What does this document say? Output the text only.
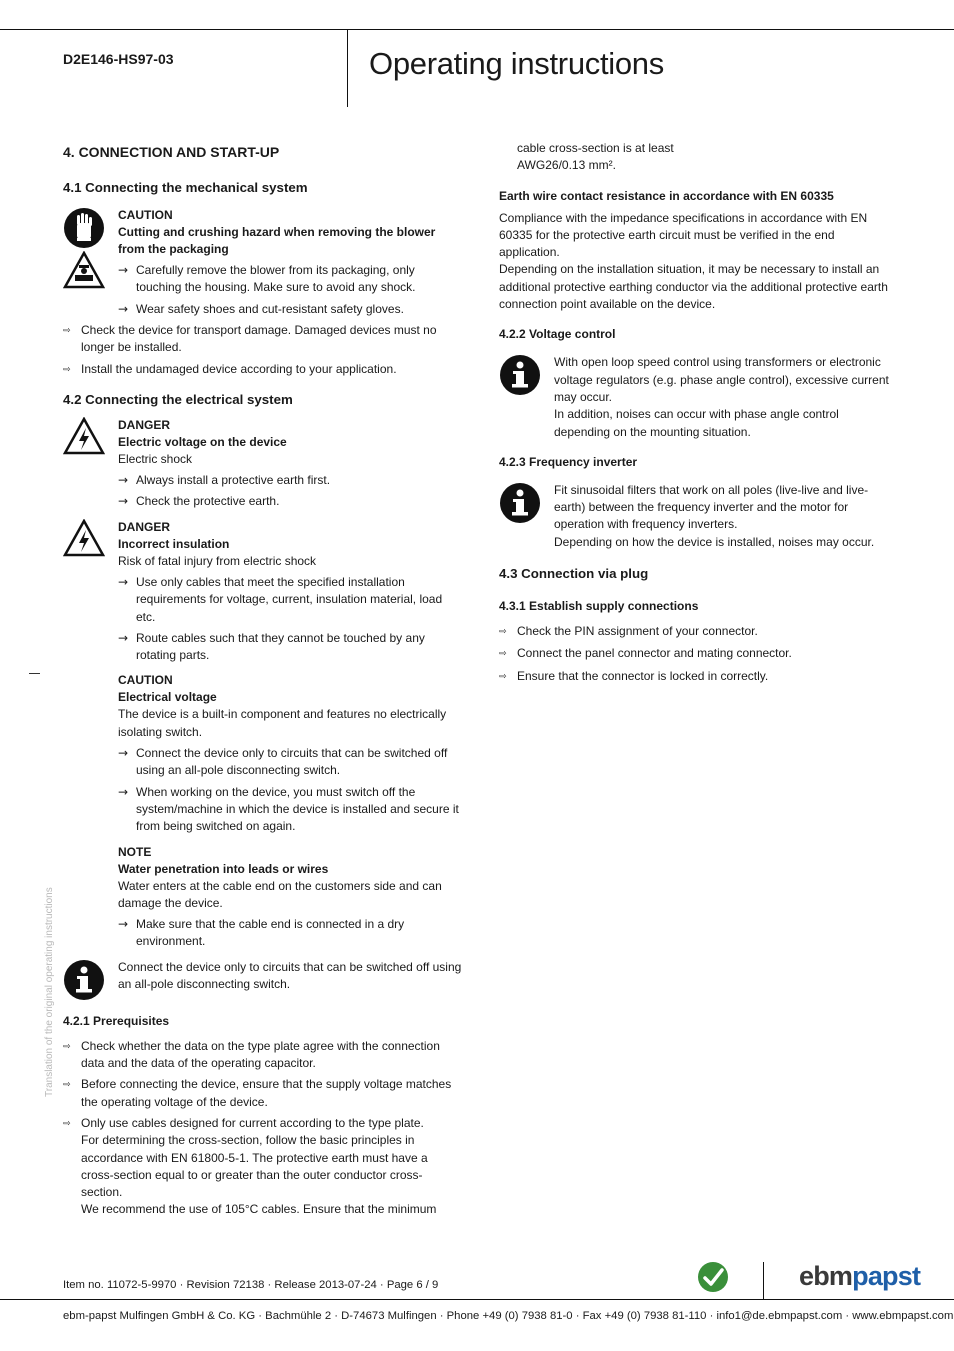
D2E146-HS97-03	Operating instructions
Translation of the original operating instructions
4. CONNECTION AND START-UP
4.1 Connecting the mechanical system
CAUTION
Cutting and crushing hazard when removing the blower from the packaging
→ Carefully remove the blower from its packaging, only touching the housing. Make sure to avoid any shock.
→ Wear safety shoes and cut-resistant safety gloves.
⇨ Check the device for transport damage. Damaged devices must no longer be installed.
⇨ Install the undamaged device according to your application.
4.2 Connecting the electrical system
DANGER
Electric voltage on the device

Electric shock

→ Always install a protective earth first.
→ Check the protective earth.
DANGER
Incorrect insulation

Risk of fatal injury from electric shock

→ Use only cables that meet the specified installation requirements for voltage, current, insulation material, load etc.
→ Route cables such that they cannot be touched by any rotating parts.
CAUTION
Electrical voltage

The device is a built-in component and features no electrically isolating switch.

→ Connect the device only to circuits that can be switched off using an all-pole disconnecting switch.
→ When working on the device, you must switch off the system/machine in which the device is installed and secure it from being switched on again.
NOTE
Water penetration into leads or wires

Water enters at the cable end on the customers side and can damage the device.

→ Make sure that the cable end is connected in a dry environment.

Connect the device only to circuits that can be switched off using an all-pole disconnecting switch.

4.2.1 Prerequisites
⇨ Check whether the data on the type plate agree with the connection data and the data of the operating capacitor.
⇨ Before connecting the device, ensure that the supply voltage matches the operating voltage of the device.
⇨ Only use cables designed for current according to the type plate.

For determining the cross-section, follow the basic principles in accordance with EN 61800-5-1. The protective earth must have a cross-section equal to or greater than the outer conductor cross-section.

We recommend the use of 105°C cables. Ensure that the minimum

cable cross-section is at least AWG26/0.13 mm².

Earth wire contact resistance in accordance with EN 60335

Compliance with the impedance specifications in accordance with EN 60335 for the protective earth circuit must be verified in the end application.

Depending on the installation situation, it may be necessary to install an additional protective earthing conductor via the additional protective earth connection point available on the device.

4.2.2 Voltage control

With open loop speed control using transformers or electronic voltage regulators (e.g. phase angle control), excessive current may occur.

In addition, noises can occur with phase angle control depending on the mounting situation.

4.2.3 Frequency inverter

Fit sinusoidal filters that work on all poles (live-live and live-earth) between the frequency inverter and the motor for operation with frequency inverters.

Depending on how the device is installed, noises may occur.

4.3 Connection via plug
4.3.1 Establish supply connections
⇨ Check the PIN assignment of your connector.
⇨ Connect the panel connector and mating connector.
⇨ Ensure that the connector is locked in correctly.
Item no. 11072-5-9970 · Revision 72138 · Release 2013-07-24 · Page 6 / 9	ebmpapst
ebm-papst Mulfingen GmbH & Co. KG · Bachmühle 2 · D-74673 Mulfingen · Phone +49 (0) 7938 81-0 · Fax +49 (0) 7938 81-110 · info1@de.ebmpapst.com · www.ebmpapst.com
